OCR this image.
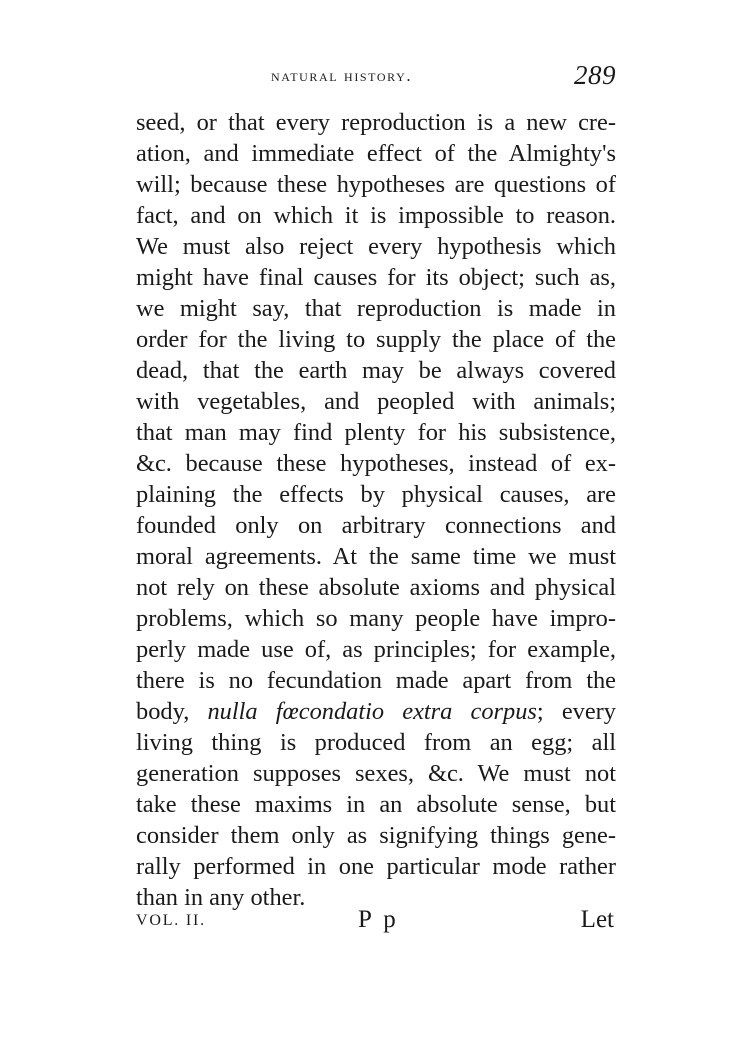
natural history.	289
seed, or that every reproduction is a new cre-
ation, and immediate effect of the Almighty's
will; because these hypotheses are questions of
fact, and on which it is impossible to reason.
We must also reject every hypothesis which
might have final causes for its object; such as,
we might say, that reproduction is made in
order for the living to supply the place of the
dead, that the earth may be always covered
with vegetables, and peopled with animals;
that man may find plenty for his subsistence,
&c. because these hypotheses, instead of ex-
plaining the effects by physical causes, are
founded only on arbitrary connections and
moral agreements. At the same time we must
not rely on these absolute axioms and physical
problems, which so many people have impro-
perly made use of, as principles; for example,
there is no fecundation made apart from the
body, nulla fœcondatio extra corpus; every
living thing is produced from an egg; all
generation supposes sexes, &c. We must not
take these maxims in an absolute sense, but
consider them only as signifying things gene-
rally performed in one particular mode rather
than in any other.
VOL. II.	P p	Let
